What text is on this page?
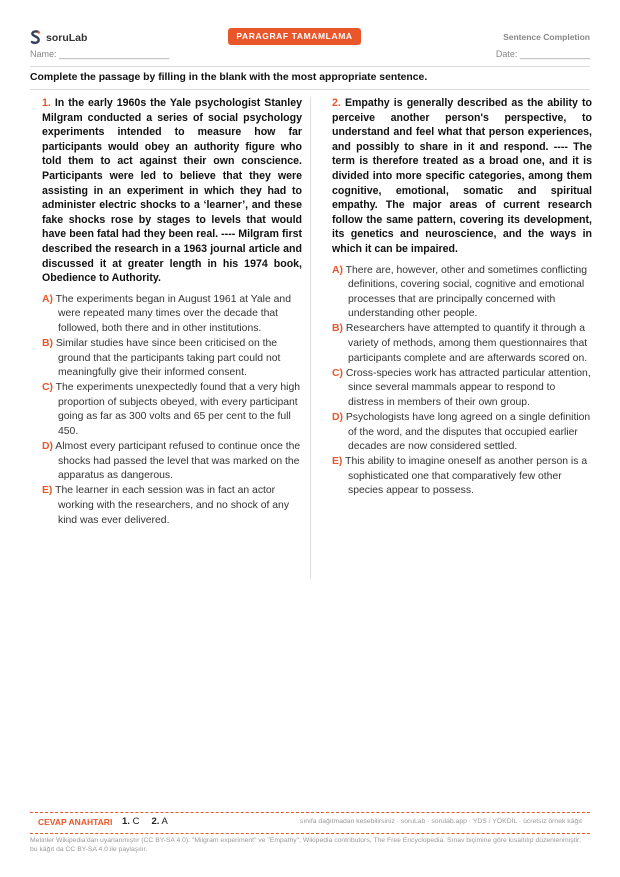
soruLab	PARAGRAF TAMAMLAMA	Sentence Completion
Name: ______________________	Date: ______________
Complete the passage by filling in the blank with the most appropriate sentence.
1. In the early 1960s the Yale psychologist Stanley Milgram conducted a series of social psychology experiments intended to measure how far participants would obey an authority figure who told them to act against their own conscience. Participants were led to believe that they were assisting in an experiment in which they had to administer electric shocks to a ‘learner’, and these fake shocks rose by stages to levels that would have been fatal had they been real. ---- Milgram first described the research in a 1963 journal article and discussed it at greater length in his 1974 book, Obedience to Authority.
A) The experiments began in August 1961 at Yale and were repeated many times over the decade that followed, both there and in other institutions.
B) Similar studies have since been criticised on the ground that the participants taking part could not meaningfully give their informed consent.
C) The experiments unexpectedly found that a very high proportion of subjects obeyed, with every participant going as far as 300 volts and 65 per cent to the full 450.
D) Almost every participant refused to continue once the shocks had passed the level that was marked on the apparatus as dangerous.
E) The learner in each session was in fact an actor working with the researchers, and no shock of any kind was ever delivered.
2. Empathy is generally described as the ability to perceive another person's perspective, to understand and feel what that person experiences, and possibly to share in it and respond. ---- The term is therefore treated as a broad one, and it is divided into more specific categories, among them cognitive, emotional, somatic and spiritual empathy. The major areas of current research follow the same pattern, covering its development, its genetics and neuroscience, and the ways in which it can be impaired.
A) There are, however, other and sometimes conflicting definitions, covering social, cognitive and emotional processes that are principally concerned with understanding other people.
B) Researchers have attempted to quantify it through a variety of methods, among them questionnaires that participants complete and are afterwards scored on.
C) Cross-species work has attracted particular attention, since several mammals appear to respond to distress in members of their own group.
D) Psychologists have long agreed on a single definition of the word, and the disputes that occupied earlier decades are now considered settled.
E) This ability to imagine oneself as another person is a sophisticated one that comparatively few other species appear to possess.
CEVAP ANAHTARI 1. C 2. A	sınıfa dağıtmadan kesebilirsiniz · soruLab · sorulab.app · YDS / YÖKDİL · ücretsiz örnek kâğıt
Metinler Wikipedia'dan uyarlanmıştır (CC BY-SA 4.0): "Milgram experiment" ve "Empathy"; Wikipedia contributors, The Free Encyclopedia. Sınav biçimine göre kısaltılıp düzenlenmiştir; bu kâğıt da CC BY-SA 4.0 ile paylaşılır.
